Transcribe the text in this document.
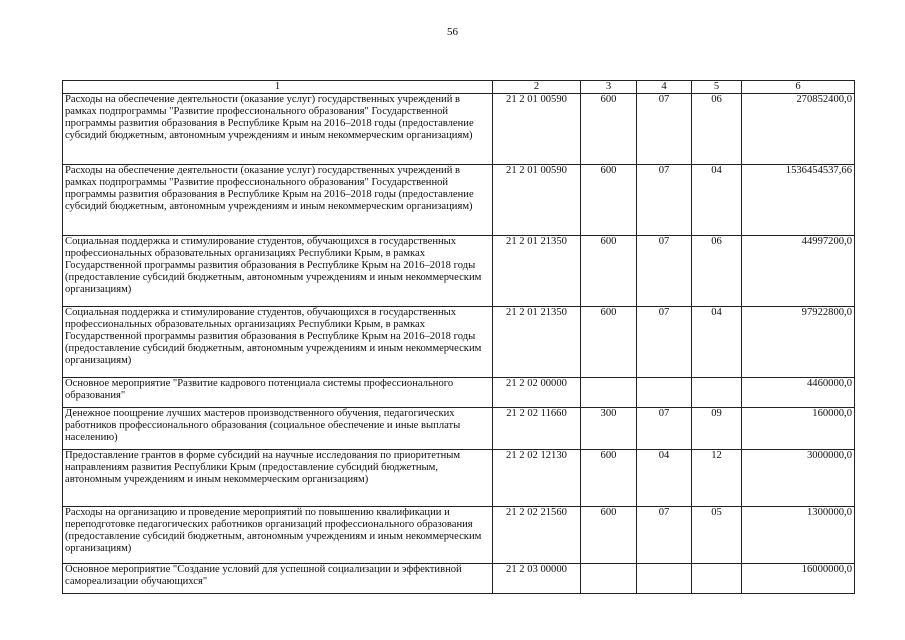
56
1	2	3	4	5	6
Расходы на обеспечение деятельности (оказание услуг) государственных учреждений в рамках подпрограммы "Развитие профессионального образования" Государственной программы развития образования в Республике Крым на 2016–2018 годы (предоставление субсидий бюджетным, автономным учреждениям и иным некоммерческим организациям)	21 2 01 00590	600	07	06	270852400,0
Расходы на обеспечение деятельности (оказание услуг) государственных учреждений в рамках подпрограммы "Развитие профессионального образования" Государственной программы развития образования в Республике Крым на 2016–2018 годы (предоставление субсидий бюджетным, автономным учреждениям и иным некоммерческим организациям)	21 2 01 00590	600	07	04	1536454537,66
Социальная поддержка и стимулирование студентов, обучающихся в государственных профессиональных образовательных организациях Республики Крым, в рамках Государственной программы развития образования в Республике Крым на 2016–2018 годы (предоставление субсидий бюджетным, автономным учреждениям и иным некоммерческим организациям)	21 2 01 21350	600	07	06	44997200,0
Социальная поддержка и стимулирование студентов, обучающихся в государственных профессиональных образовательных организациях Республики Крым, в рамках Государственной программы развития образования в Республике Крым на 2016–2018 годы (предоставление субсидий бюджетным, автономным учреждениям и иным некоммерческим организациям)	21 2 01 21350	600	07	04	97922800,0
Основное мероприятие "Развитие кадрового потенциала системы профессионального образования"	21 2 02 00000				4460000,0
Денежное поощрение лучших мастеров производственного обучения, педагогических работников профессионального образования (социальное обеспечение и иные выплаты населению)	21 2 02 11660	300	07	09	160000,0
Предоставление грантов в форме субсидий на научные исследования по приоритетным направлениям развития Республики Крым (предоставление субсидий бюджетным, автономным учреждениям и иным некоммерческим организациям)	21 2 02 12130	600	04	12	3000000,0
Расходы на организацию и проведение мероприятий по повышению квалификации и переподготовке педагогических работников организаций профессионального образования (предоставление субсидий бюджетным, автономным учреждениям и иным некоммерческим организациям)	21 2 02 21560	600	07	05	1300000,0
Основное мероприятие "Создание условий для успешной социализации и эффективной самореализации обучающихся"	21 2 03 00000				16000000,0
